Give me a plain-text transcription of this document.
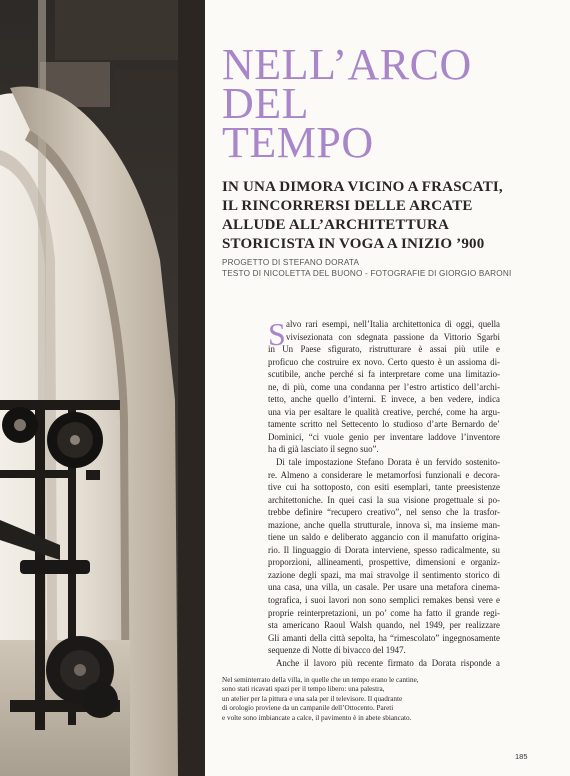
NELL’ARCO
DEL
TEMPO
IN UNA DIMORA VICINO A FRASCATI,
IL RINCORRERSI DELLE ARCATE
ALLUDE ALL’ARCHITETTURA
STORICISTA IN VOGA A INIZIO ’900
PROGETTO DI STEFANO DORATA
TESTO DI NICOLETTA DEL BUONO - FOTOGRAFIE DI GIORGIO BARONI
S alvo rari esempi, nell’Italia architettonica di oggi, quella
vivisezionata con sdegnata passione da Vittorio Sgarbi
in Un Paese sfigurato, ristrutturare è assai più utile e
proficuo che costruire ex novo. Certo questo è un assioma di-
scutibile, anche perché si fa interpretare come una limitazio-
ne, di più, come una condanna per l’estro artistico dell’archi-
tetto, anche quello d’interni. E invece, a ben vedere, indica
una via per esaltare le qualità creative, perché, come ha argu-
tamente scritto nel Settecento lo studioso d’arte Bernardo de’
Dominici, “ci vuole genio per inventare laddove l’inventore
ha di già lasciato il segno suo”.
Di tale impostazione Stefano Dorata è un fervido sostenito-
re. Almeno a considerare le metamorfosi funzionali e decora-
tive cui ha sottoposto, con esiti esemplari, tante preesistenze
architettoniche. In quei casi la sua visione progettuale si po-
trebbe definire “recupero creativo”, nel senso che la trasfor-
mazione, anche quella strutturale, innova sì, ma insieme man-
tiene un saldo e deliberato aggancio con il manufatto origina-
rio. Il linguaggio di Dorata interviene, spesso radicalmente, su
proporzioni, allineamenti, prospettive, dimensioni e organiz-
zazione degli spazi, ma mai stravolge il sentimento storico di
una casa, una villa, un casale. Per usare una metafora cinema-
tografica, i suoi lavori non sono semplici remakes bensì vere e
proprie reinterpretazioni, un po’ come ha fatto il grande regi-
sta americano Raoul Walsh quando, nel 1949, per realizzare
Gli amanti della città sepolta, ha “rimescolato” ingegnosamente
sequenze di Notte di bivacco del 1947.
Anche il lavoro più recente firmato da Dorata risponde a
Nel seminterrato della villa, in quelle che un tempo erano le cantine,
sono stati ricavati spazi per il tempo libero: una palestra,
un atelier per la pittura e una sala per il televisore. Il quadrante
di orologio proviene da un campanile dell’Ottocento. Pareti
e volte sono imbiancate a calce, il pavimento è in abete sbiancato.
185
